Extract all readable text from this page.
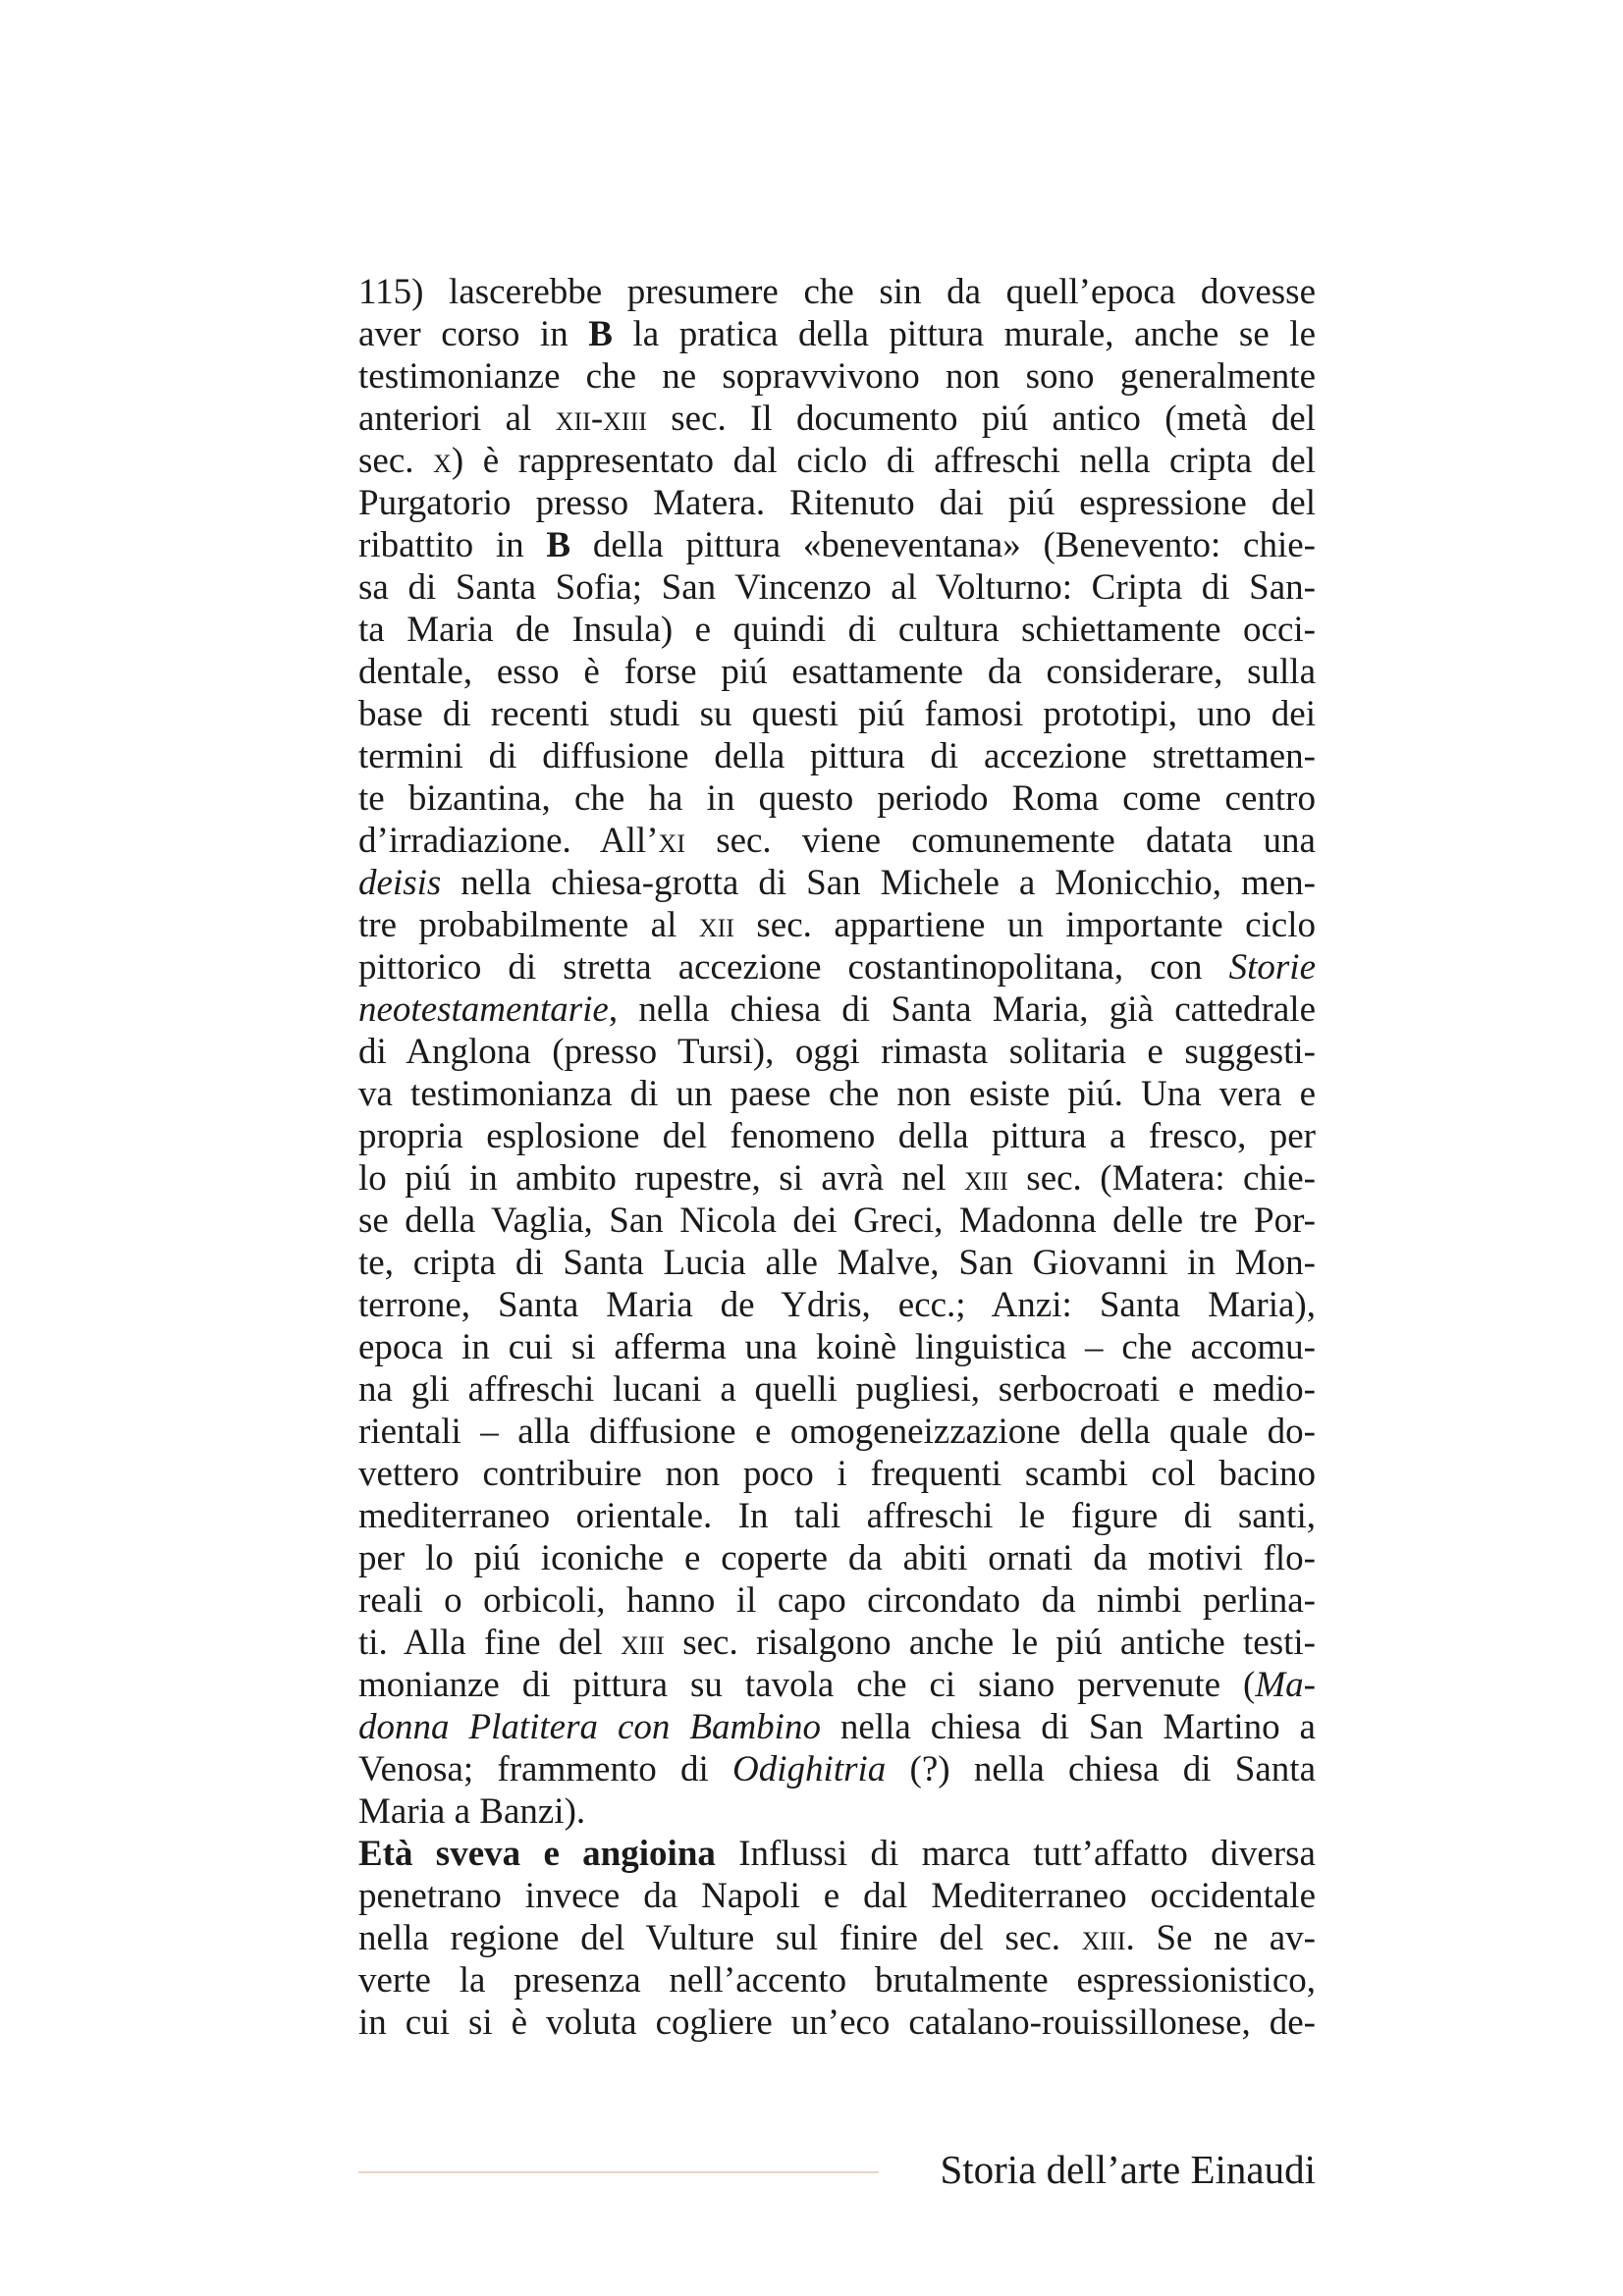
115) lascerebbe presumere che sin da quell’epoca dovesse
aver corso in B la pratica della pittura murale, anche se le
testimonianze che ne sopravvivono non sono generalmente
anteriori al xii-xiii sec. Il documento piú antico (metà del
sec. x) è rappresentato dal ciclo di affreschi nella cripta del
Purgatorio presso Matera. Ritenuto dai piú espressione del
ribattito in B della pittura «beneventana» (Benevento: chie-
sa di Santa Sofia; San Vincenzo al Volturno: Cripta di San-
ta Maria de Insula) e quindi di cultura schiettamente occi-
dentale, esso è forse piú esattamente da considerare, sulla
base di recenti studi su questi piú famosi prototipi, uno dei
termini di diffusione della pittura di accezione strettamen-
te bizantina, che ha in questo periodo Roma come centro
d’irradiazione. All’xi sec. viene comunemente datata una
deisis nella chiesa-grotta di San Michele a Monicchio, men-
tre probabilmente al xii sec. appartiene un importante ciclo
pittorico di stretta accezione costantinopolitana, con Storie
neotestamentarie, nella chiesa di Santa Maria, già cattedrale
di Anglona (presso Tursi), oggi rimasta solitaria e suggesti-
va testimonianza di un paese che non esiste piú. Una vera e
propria esplosione del fenomeno della pittura a fresco, per
lo piú in ambito rupestre, si avrà nel xiii sec. (Matera: chie-
se della Vaglia, San Nicola dei Greci, Madonna delle tre Por-
te, cripta di Santa Lucia alle Malve, San Giovanni in Mon-
terrone, Santa Maria de Ydris, ecc.; Anzi: Santa Maria),
epoca in cui si afferma una koinè linguistica – che accomu-
na gli affreschi lucani a quelli pugliesi, serbocroati e medio-
rientali – alla diffusione e omogeneizzazione della quale do-
vettero contribuire non poco i frequenti scambi col bacino
mediterraneo orientale. In tali affreschi le figure di santi,
per lo piú iconiche e coperte da abiti ornati da motivi flo-
reali o orbicoli, hanno il capo circondato da nimbi perlina-
ti. Alla fine del xiii sec. risalgono anche le piú antiche testi-
monianze di pittura su tavola che ci siano pervenute (Ma-
donna Platitera con Bambino nella chiesa di San Martino a
Venosa; frammento di Odighitria (?) nella chiesa di Santa
Maria a Banzi).
Età sveva e angioina Influssi di marca tutt’affatto diversa
penetrano invece da Napoli e dal Mediterraneo occidentale
nella regione del Vulture sul finire del sec. xiii. Se ne av-
verte la presenza nell’accento brutalmente espressionistico,
in cui si è voluta cogliere un’eco catalano-rouissillonese, de-
Storia dell’arte Einaudi
